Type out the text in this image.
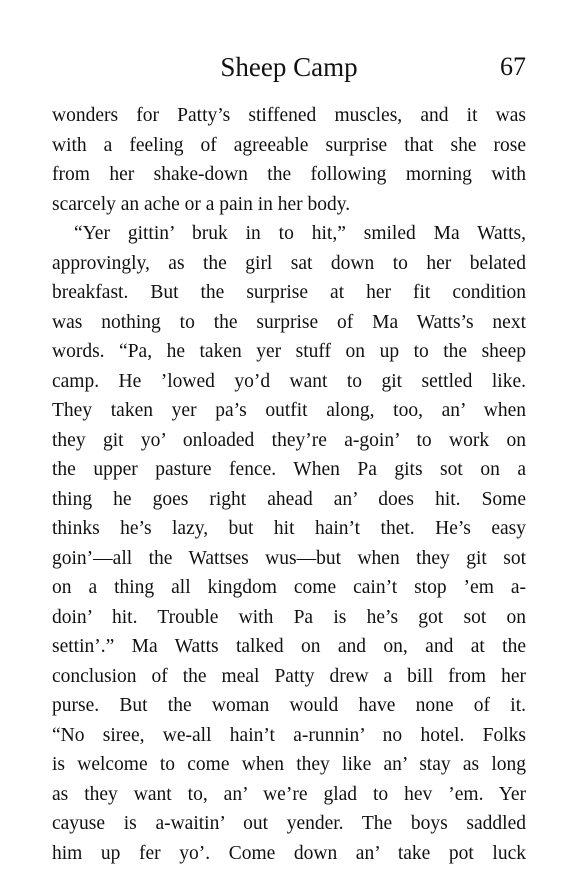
Sheep Camp	67
wonders for Patty’s stiffened muscles, and it was
with a feeling of agreeable surprise that she rose
from her shake-down the following morning with
scarcely an ache or a pain in her body.
“Yer gittin’ bruk in to hit,” smiled Ma Watts,
approvingly, as the girl sat down to her belated
breakfast. But the surprise at her fit condition
was nothing to the surprise of Ma Watts’s next
words. “Pa, he taken yer stuff on up to the sheep
camp. He ’lowed yo’d want to git settled like.
They taken yer pa’s outfit along, too, an’ when
they git yo’ onloaded they’re a-goin’ to work on
the upper pasture fence. When Pa gits sot on a
thing he goes right ahead an’ does hit. Some
thinks he’s lazy, but hit hain’t thet. He’s easy
goin’—all the Wattses wus—but when they git sot
on a thing all kingdom come cain’t stop ’em a-
doin’ hit. Trouble with Pa is he’s got sot on
settin’.” Ma Watts talked on and on, and at the
conclusion of the meal Patty drew a bill from her
purse. But the woman would have none of it.
“No siree, we-all hain’t a-runnin’ no hotel. Folks
is welcome to come when they like an’ stay as long
as they want to, an’ we’re glad to hev ’em. Yer
cayuse is a-waitin’ out yender. The boys saddled
him up fer yo’. Come down an’ take pot luck
